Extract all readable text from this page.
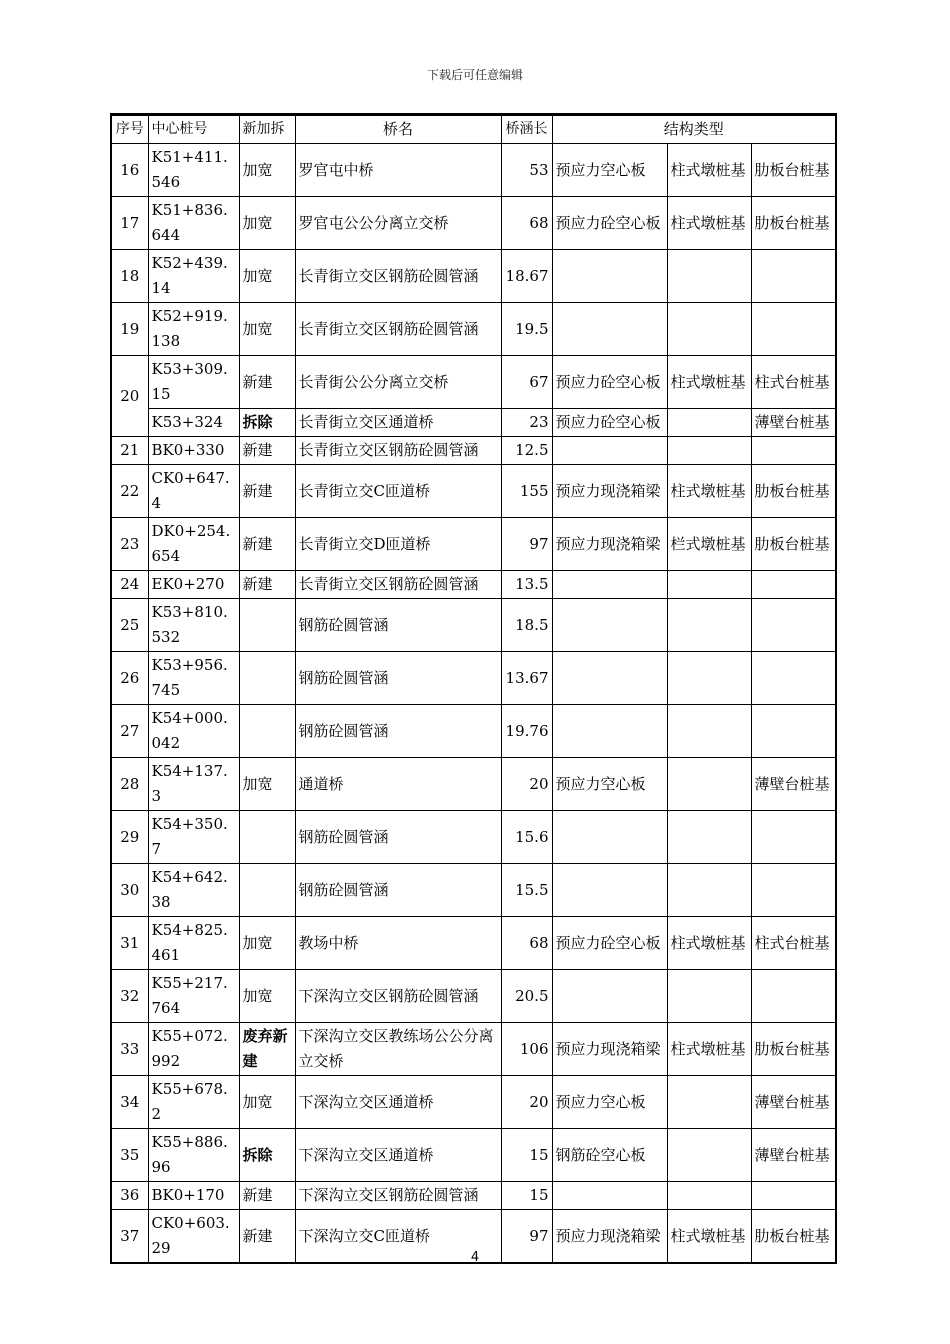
下载后可任意编辑
序号	中心桩号	新加拆	桥名	桥涵长	结构类型		
16	K51+411.546	加宽	罗官屯中桥	53	预应力空心板	柱式墩桩基	肋板台桩基
17	K51+836.644	加宽	罗官屯公公分离立交桥	68	预应力砼空心板	柱式墩桩基	肋板台桩基
18	K52+439.14	加宽	长青街立交区钢筋砼圆管涵	18.67			
19	K52+919.138	加宽	长青街立交区钢筋砼圆管涵	19.5			
20	K53+309.15	新建	长青街公公分离立交桥	67	预应力砼空心板	柱式墩桩基	柱式台桩基
	K53+324	拆除	长青街立交区通道桥	23	预应力砼空心板		薄壁台桩基
21	BK0+330	新建	长青街立交区钢筋砼圆管涵	12.5			
22	CK0+647.4	新建	长青街立交C匝道桥	155	预应力现浇箱梁	柱式墩桩基	肋板台桩基
23	DK0+254.654	新建	长青街立交D匝道桥	97	预应力现浇箱梁	栏式墩桩基	肋板台桩基
24	EK0+270	新建	长青街立交区钢筋砼圆管涵	13.5			
25	K53+810.532		钢筋砼圆管涵	18.5			
26	K53+956.745		钢筋砼圆管涵	13.67			
27	K54+000.042		钢筋砼圆管涵	19.76			
28	K54+137.3	加宽	通道桥	20	预应力空心板		薄壁台桩基
29	K54+350.7		钢筋砼圆管涵	15.6			
30	K54+642.38		钢筋砼圆管涵	15.5			
31	K54+825.461	加宽	教场中桥	68	预应力砼空心板	柱式墩桩基	柱式台桩基
32	K55+217.764	加宽	下深沟立交区钢筋砼圆管涵	20.5			
33	K55+072.992	废弃新建	下深沟立交区教练场公公分离立交桥	106	预应力现浇箱梁	柱式墩桩基	肋板台桩基
34	K55+678.2	加宽	下深沟立交区通道桥	20	预应力空心板		薄壁台桩基
35	K55+886.96	拆除	下深沟立交区通道桥	15	钢筋砼空心板		薄壁台桩基
36	BK0+170	新建	下深沟立交区钢筋砼圆管涵	15			
37	CK0+603.29	新建	下深沟立交C匝道桥	97	预应力现浇箱梁	柱式墩桩基	肋板台桩基
4
